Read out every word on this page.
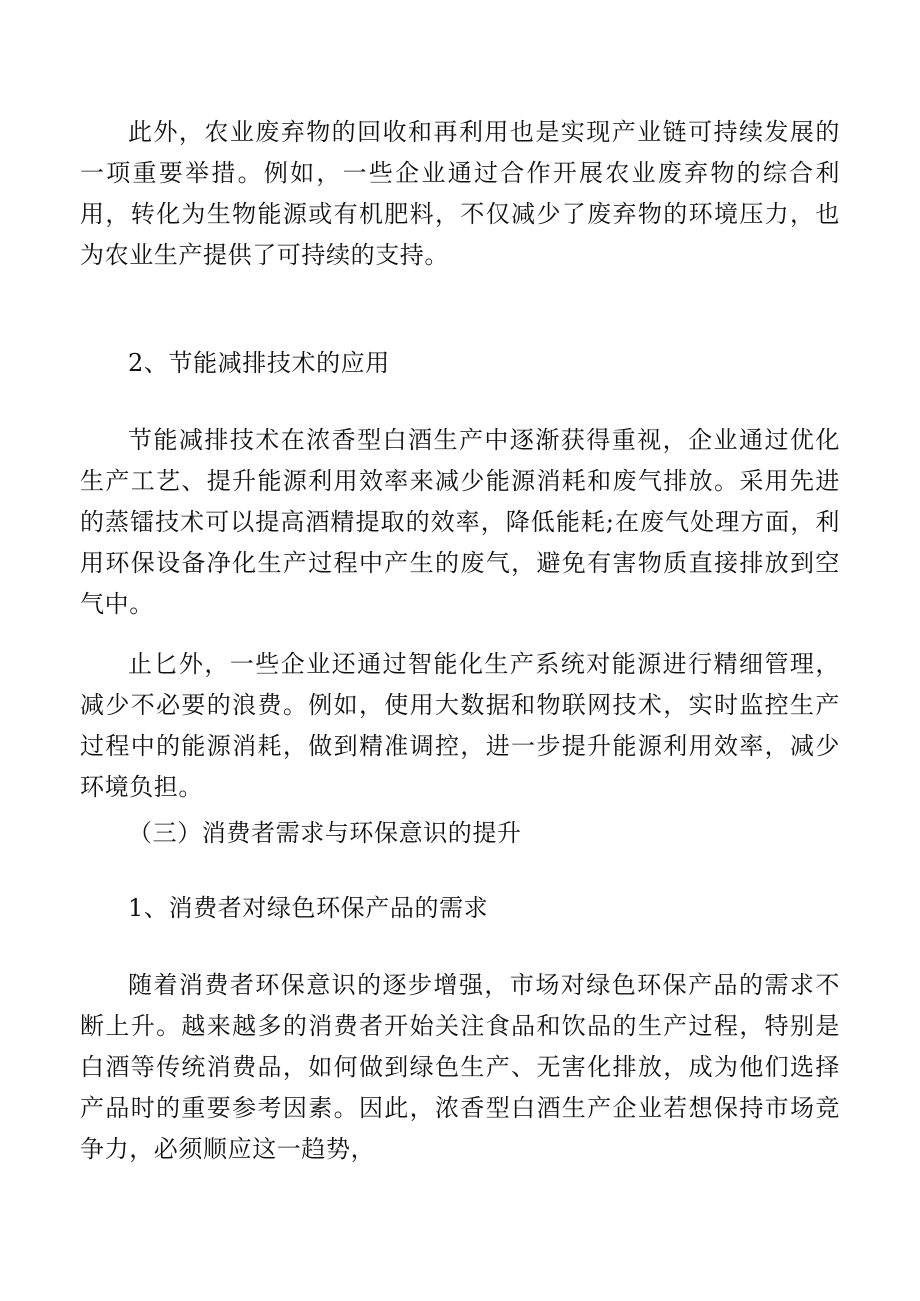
此外，农业废弃物的回收和再利用也是实现产业链可持续发展的一项重要举措。例如，一些企业通过合作开展农业废弃物的综合利用，转化为生物能源或有机肥料，不仅减少了废弃物的环境压力，也为农业生产提供了可持续的支持。

2、节能减排技术的应用

节能减排技术在浓香型白酒生产中逐渐获得重视，企业通过优化生产工艺、提升能源利用效率来减少能源消耗和废气排放。采用先进的蒸镭技术可以提高酒精提取的效率，降低能耗;在废气处理方面，利用环保设备净化生产过程中产生的废气，避免有害物质直接排放到空气中。

止匕外，一些企业还通过智能化生产系统对能源进行精细管理，减少不必要的浪费。例如，使用大数据和物联网技术，实时监控生产过程中的能源消耗，做到精准调控，进一步提升能源利用效率，减少环境负担。

（三）消费者需求与环保意识的提升

1、消费者对绿色环保产品的需求

随着消费者环保意识的逐步增强，市场对绿色环保产品的需求不断上升。越来越多的消费者开始关注食品和饮品的生产过程，特别是白酒等传统消费品，如何做到绿色生产、无害化排放，成为他们选择产品时的重要参考因素。因此，浓香型白酒生产企业若想保持市场竞争力，必须顺应这一趋势，
